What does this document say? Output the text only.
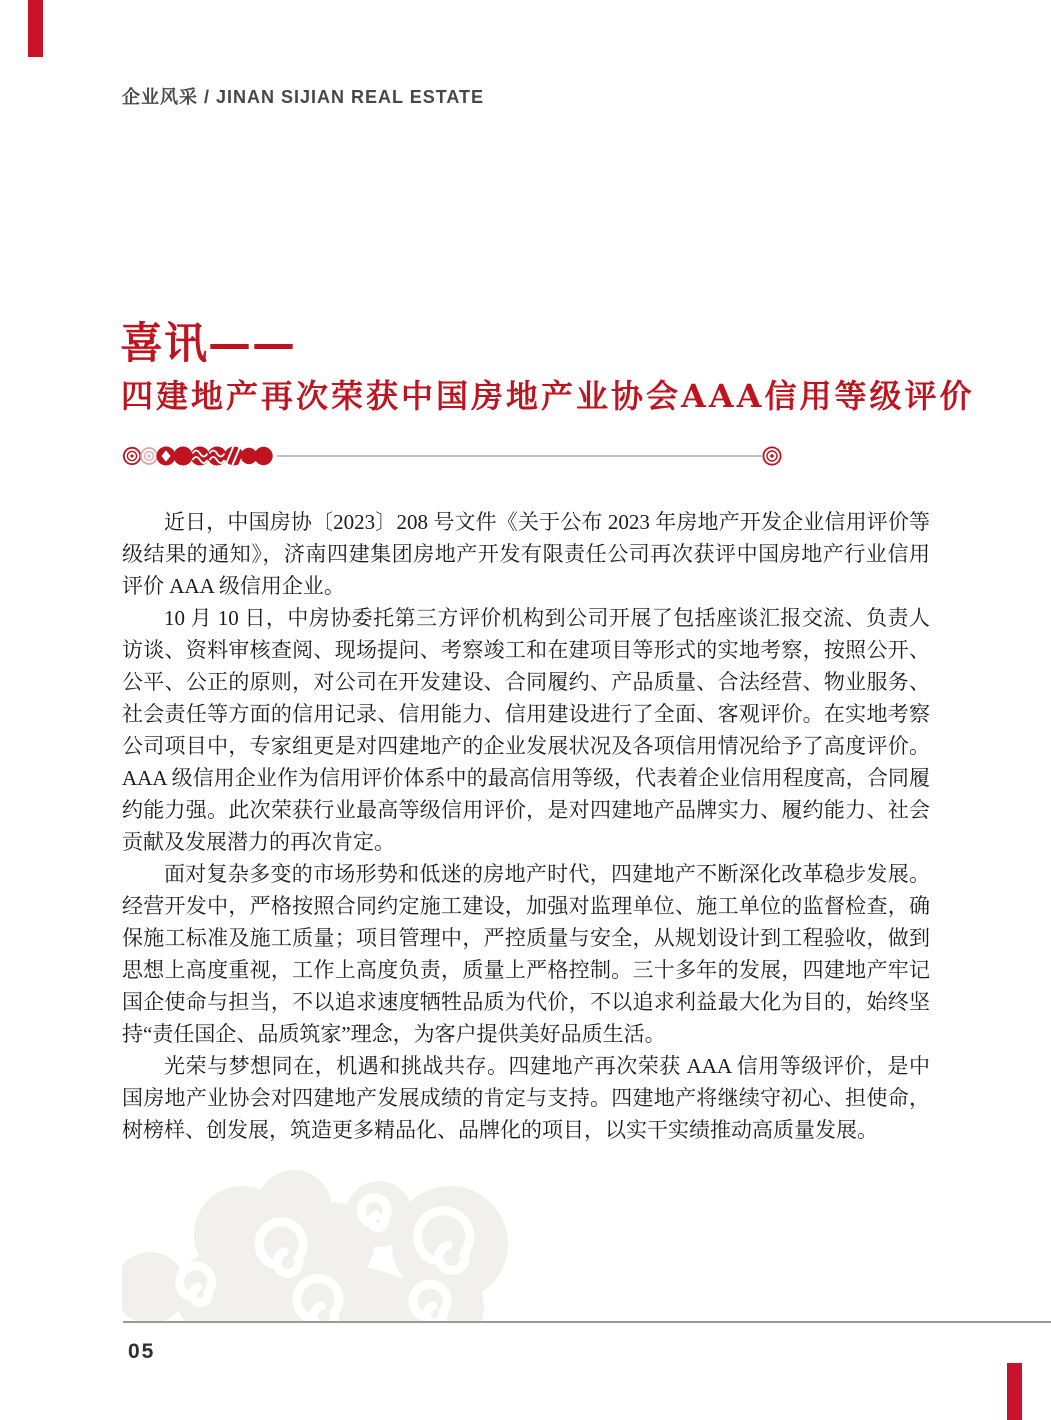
企业风采 / JINAN SIJIAN REAL ESTATE
喜讯——
四建地产再次荣获中国房地产业协会AAA信用等级评价

近日，中国房协〔2023〕208 号文件《关于公布 2023 年房地产开发企业信用评价等级结果的通知》，济南四建集团房地产开发有限责任公司再次获评中国房地产行业信用评价 AAA 级信用企业。

10 月 10 日，中房协委托第三方评价机构到公司开展了包括座谈汇报交流、负责人访谈、资料审核查阅、现场提问、考察竣工和在建项目等形式的实地考察，按照公开、公平、公正的原则，对公司在开发建设、合同履约、产品质量、合法经营、物业服务、社会责任等方面的信用记录、信用能力、信用建设进行了全面、客观评价。在实地考察公司项目中，专家组更是对四建地产的企业发展状况及各项信用情况给予了高度评价。AAA 级信用企业作为信用评价体系中的最高信用等级，代表着企业信用程度高，合同履约能力强。此次荣获行业最高等级信用评价，是对四建地产品牌实力、履约能力、社会贡献及发展潜力的再次肯定。

面对复杂多变的市场形势和低迷的房地产时代，四建地产不断深化改革稳步发展。经营开发中，严格按照合同约定施工建设，加强对监理单位、施工单位的监督检查，确保施工标准及施工质量；项目管理中，严控质量与安全，从规划设计到工程验收，做到思想上高度重视，工作上高度负责，质量上严格控制。三十多年的发展，四建地产牢记国企使命与担当，不以追求速度牺牲品质为代价，不以追求利益最大化为目的，始终坚持“责任国企、品质筑家”理念，为客户提供美好品质生活。

光荣与梦想同在，机遇和挑战共存。四建地产再次荣获 AAA 信用等级评价，是中国房地产业协会对四建地产发展成绩的肯定与支持。四建地产将继续守初心、担使命，树榜样、创发展，筑造更多精品化、品牌化的项目，以实干实绩推动高质量发展。

05
